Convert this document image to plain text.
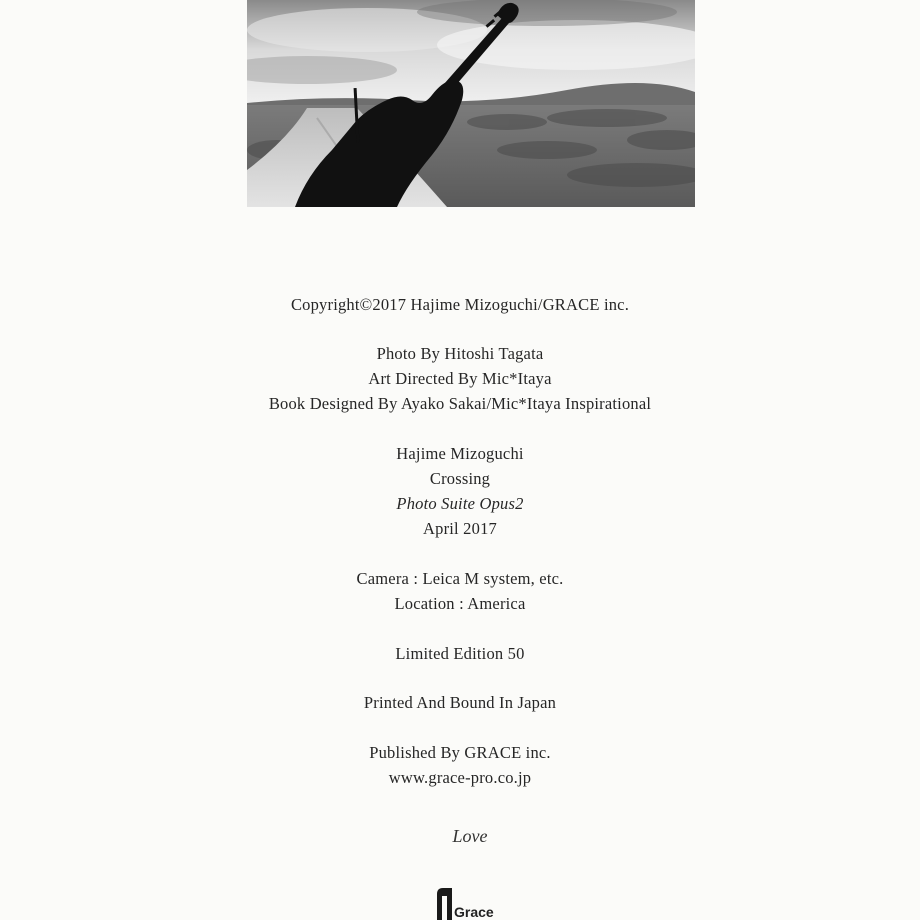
Copyright©2017 Hajime Mizoguchi/GRACE inc.
Photo By Hitoshi Tagata
Art Directed By Mic*Itaya
Book Designed By Ayako Sakai/Mic*Itaya Inspirational
Hajime Mizoguchi
Crossing
Photo Suite Opus2
April 2017
Camera : Leica M system, etc.
Location : America
Limited Edition 50
Printed And Bound In Japan
Published By GRACE inc.
www.grace-pro.co.jp
Love
Grace
